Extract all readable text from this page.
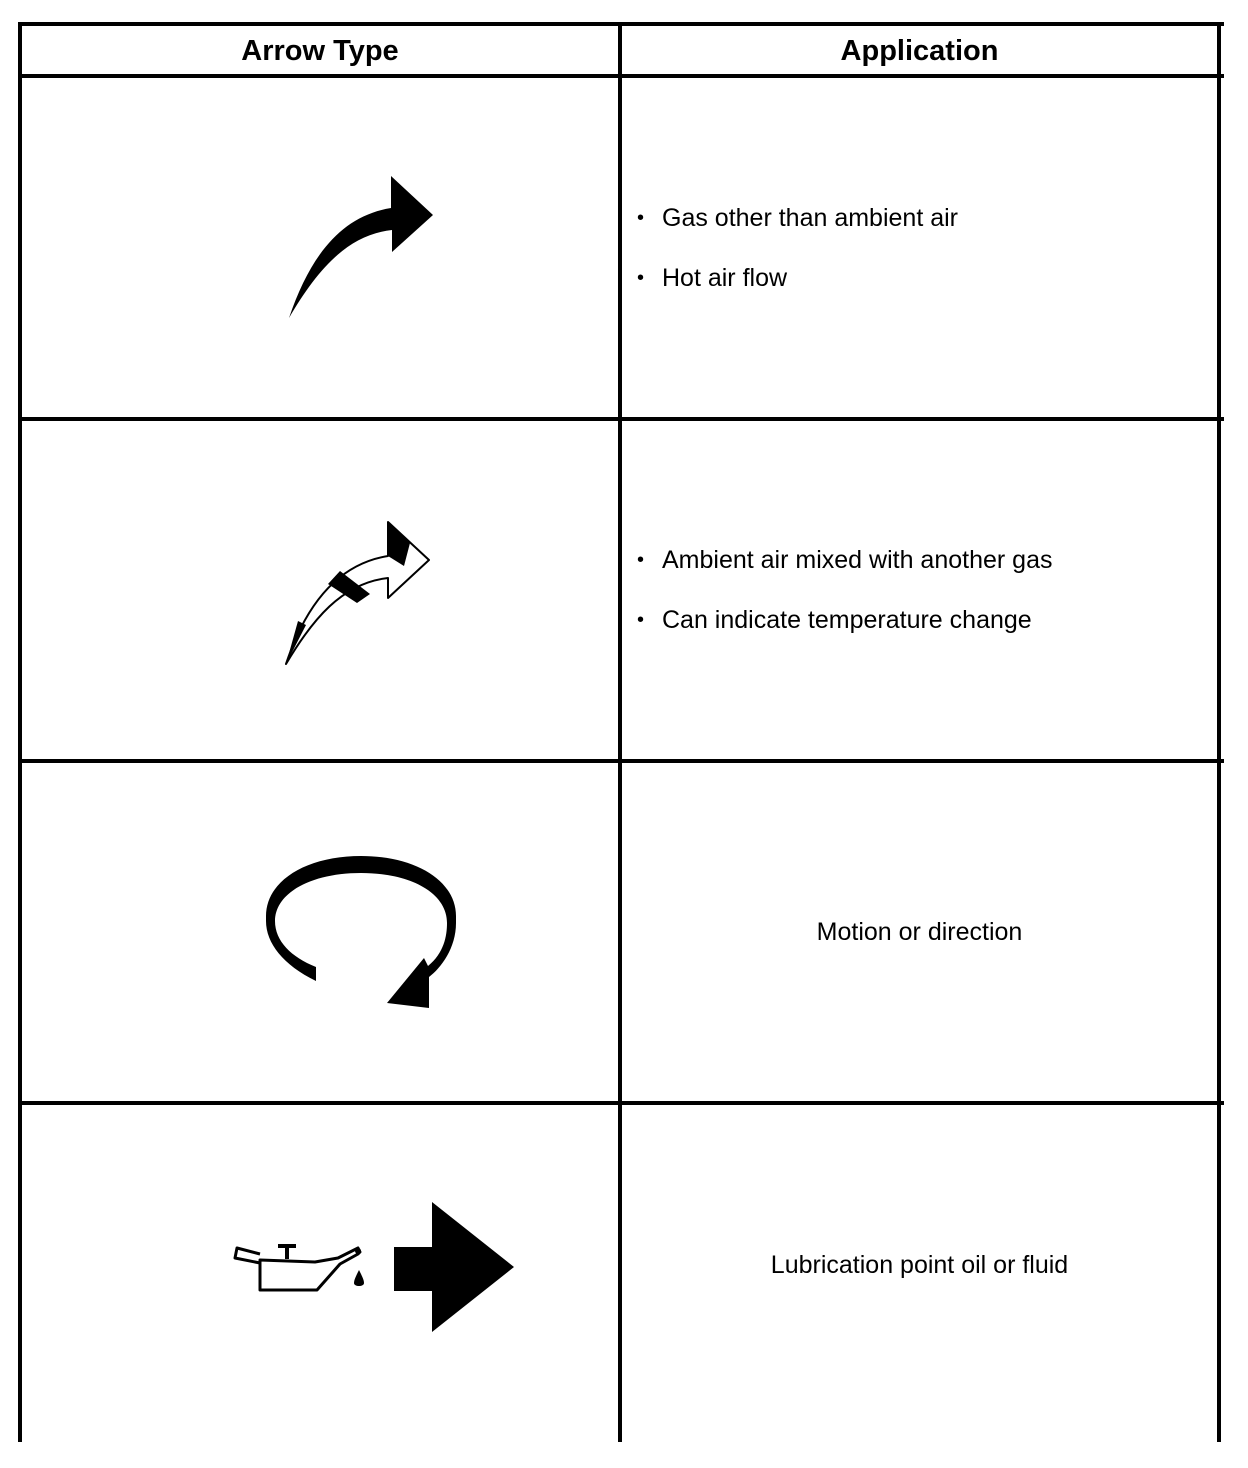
Arrow Type	Application
• Gas other than ambient air
• Hot air flow
• Ambient air mixed with another gas
• Can indicate temperature change
Motion or direction
Lubrication point oil or fluid
